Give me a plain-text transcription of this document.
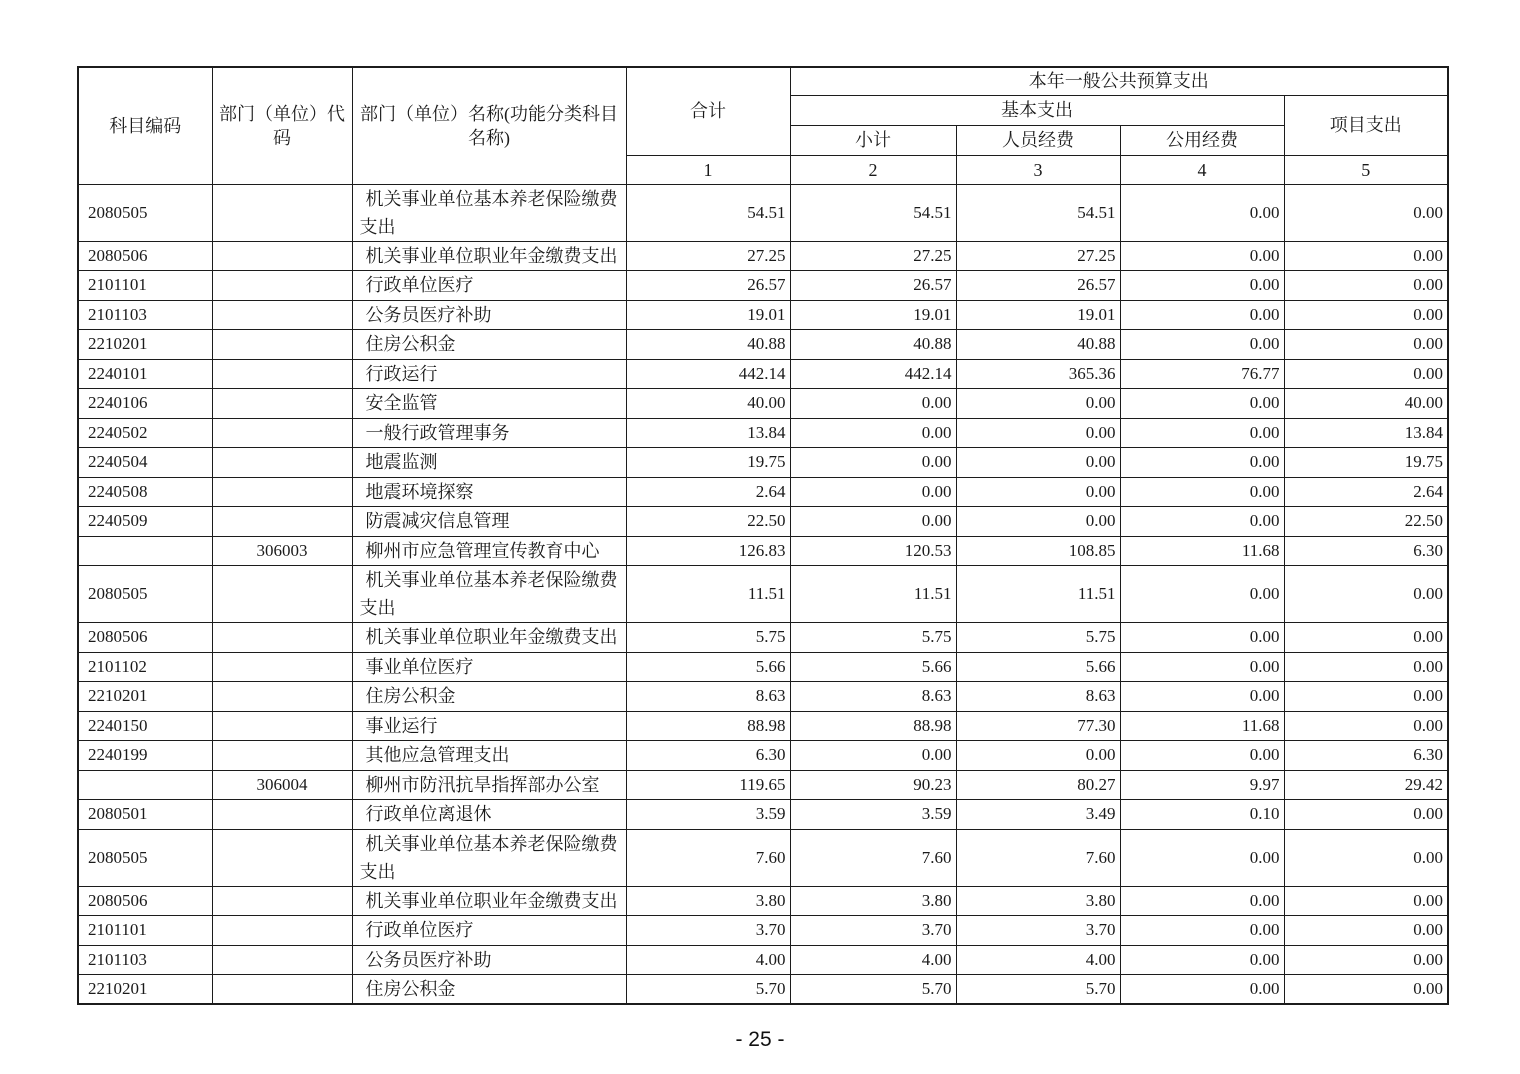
科目编码	部门（单位）代码	部门（单位）名称(功能分类科目名称)	合计	本年一般公共预算支出			
				基本支出			项目支出
				小计	人员经费	公用经费	
			1	2	3	4	5
2080505		机关事业单位基本养老保险缴费支出	54.51	54.51	54.51	0.00	0.00
2080506		机关事业单位职业年金缴费支出	27.25	27.25	27.25	0.00	0.00
2101101		行政单位医疗	26.57	26.57	26.57	0.00	0.00
2101103		公务员医疗补助	19.01	19.01	19.01	0.00	0.00
2210201		住房公积金	40.88	40.88	40.88	0.00	0.00
2240101		行政运行	442.14	442.14	365.36	76.77	0.00
2240106		安全监管	40.00	0.00	0.00	0.00	40.00
2240502		一般行政管理事务	13.84	0.00	0.00	0.00	13.84
2240504		地震监测	19.75	0.00	0.00	0.00	19.75
2240508		地震环境探察	2.64	0.00	0.00	0.00	2.64
2240509		防震减灾信息管理	22.50	0.00	0.00	0.00	22.50
	306003	柳州市应急管理宣传教育中心	126.83	120.53	108.85	11.68	6.30
2080505		机关事业单位基本养老保险缴费支出	11.51	11.51	11.51	0.00	0.00
2080506		机关事业单位职业年金缴费支出	5.75	5.75	5.75	0.00	0.00
2101102		事业单位医疗	5.66	5.66	5.66	0.00	0.00
2210201		住房公积金	8.63	8.63	8.63	0.00	0.00
2240150		事业运行	88.98	88.98	77.30	11.68	0.00
2240199		其他应急管理支出	6.30	0.00	0.00	0.00	6.30
	306004	柳州市防汛抗旱指挥部办公室	119.65	90.23	80.27	9.97	29.42
2080501		行政单位离退休	3.59	3.59	3.49	0.10	0.00
2080505		机关事业单位基本养老保险缴费支出	7.60	7.60	7.60	0.00	0.00
2080506		机关事业单位职业年金缴费支出	3.80	3.80	3.80	0.00	0.00
2101101		行政单位医疗	3.70	3.70	3.70	0.00	0.00
2101103		公务员医疗补助	4.00	4.00	4.00	0.00	0.00
2210201		住房公积金	5.70	5.70	5.70	0.00	0.00
- 25 -
